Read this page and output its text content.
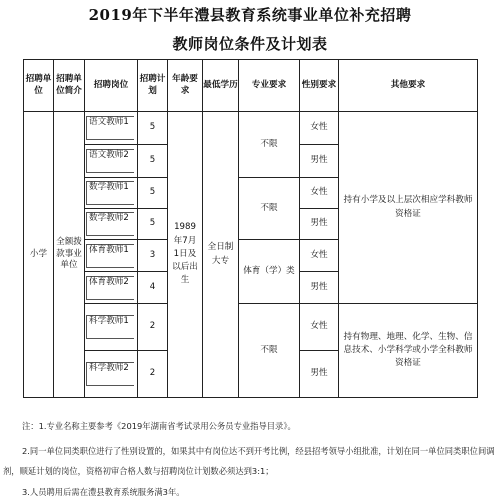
2019年下半年澧县教育系统事业单位补充招聘
教师岗位条件及计划表
招聘单位	招聘单位简介	招聘岗位	招聘计划	年龄要求	最低学历	专业要求	性别要求	其他要求
小学	全额拨款事业单位	语文教师1	5	1989年7月1日及以后出生	全日制大专	不限	女性	持有小学及以上层次相应学科教师资格证

		语文教师2	5				男性	

		数学教师1	5			不限	女性	

		数学教师2	5				男性	

		体育教师1	3			体育（学）类	女性	

		体育教师2	4				男性	

		科学教师1	2			不限	女性	持有物理、地理、化学、生物、信息技术、小学科学或小学全科教师资格证

		科学教师2	2				男性	
注：1.专业名称主要参考《2019年湖南省考试录用公务员专业指导目录》。
2.同一单位同类职位进行了性别设置的，如果其中有岗位达不到开考比例，经县招考领导小组批准，计划在同一单位同类职位间调
剂，顺延计划的岗位，资格初审合格人数与招聘岗位计划数必须达到3:1；
3.人员聘用后需在澧县教育系统服务满3年。
